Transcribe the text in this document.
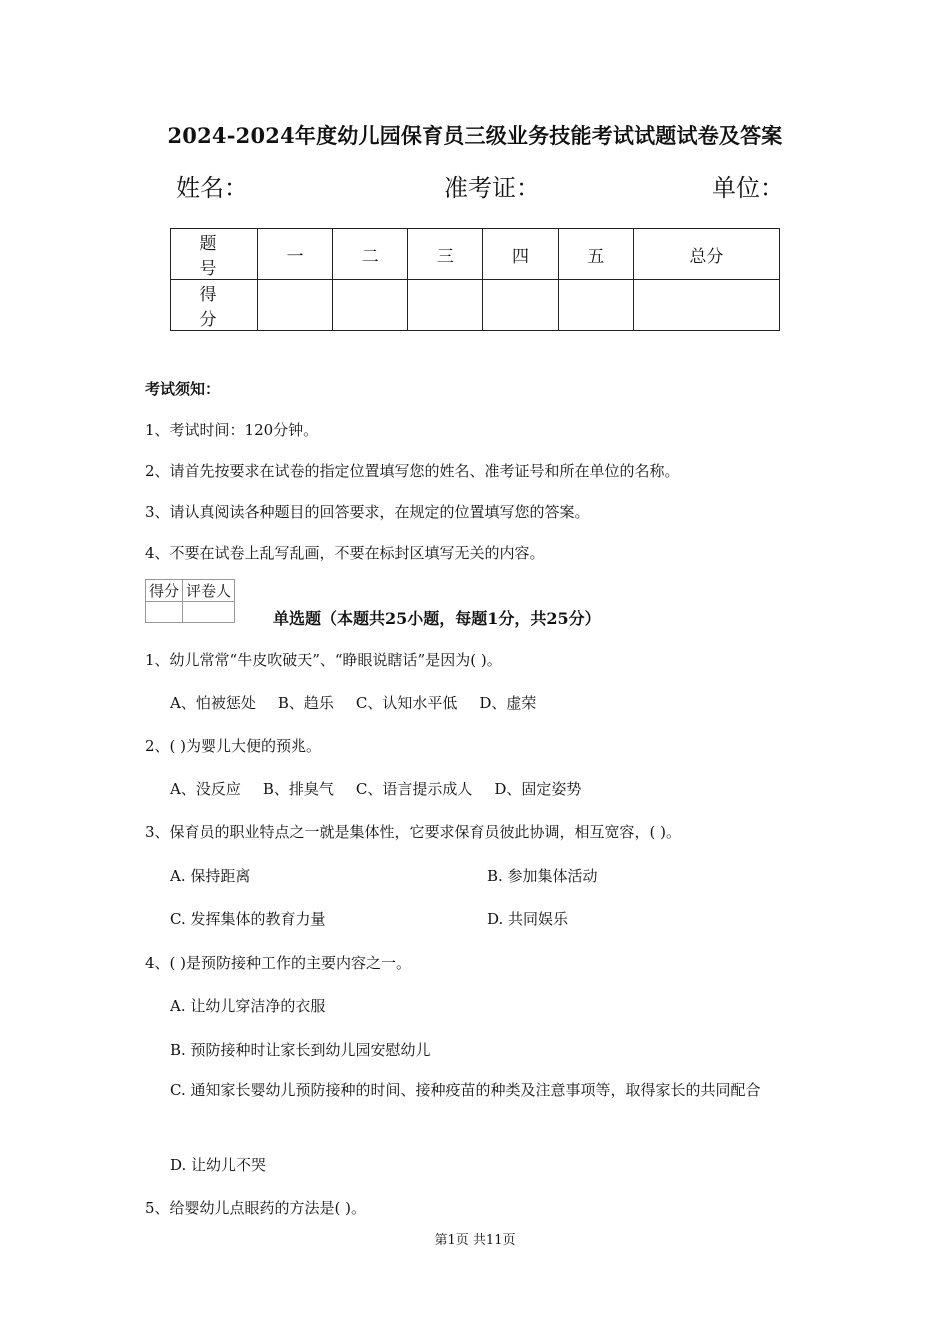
2024-2024年度幼儿园保育员三级业务技能考试试题试卷及答案
姓名：	准考证：	单位：
题　号	一	二	三	四	五	总分
得　分						
考试须知：
1、考试时间：120分钟。
2、请首先按要求在试卷的指定位置填写您的姓名、准考证号和所在单位的名称。
3、请认真阅读各种题目的回答要求，在规定的位置填写您的答案。
4、不要在试卷上乱写乱画，不要在标封区填写无关的内容。
得分	评卷人

单选题（本题共25小题，每题1分，共25分）
1、幼儿常常“牛皮吹破天”、“睁眼说瞎话”是因为( )。
A、怕被惩处 B、趋乐 C、认知水平低 D、虚荣
2、( )为婴儿大便的预兆。
A、没反应 B、排臭气 C、语言提示成人 D、固定姿势
3、保育员的职业特点之一就是集体性，它要求保育员彼此协调，相互宽容，( )。
A. 保持距离	B. 参加集体活动
C. 发挥集体的教育力量	D. 共同娱乐
4、( )是预防接种工作的主要内容之一。
A. 让幼儿穿洁净的衣服
B. 预防接种时让家长到幼儿园安慰幼儿
C. 通知家长婴幼儿预防接种的时间、接种疫苗的种类及注意事项等，取得家长的共同配合
D. 让幼儿不哭
5、给婴幼儿点眼药的方法是( )。
第1页 共11页
